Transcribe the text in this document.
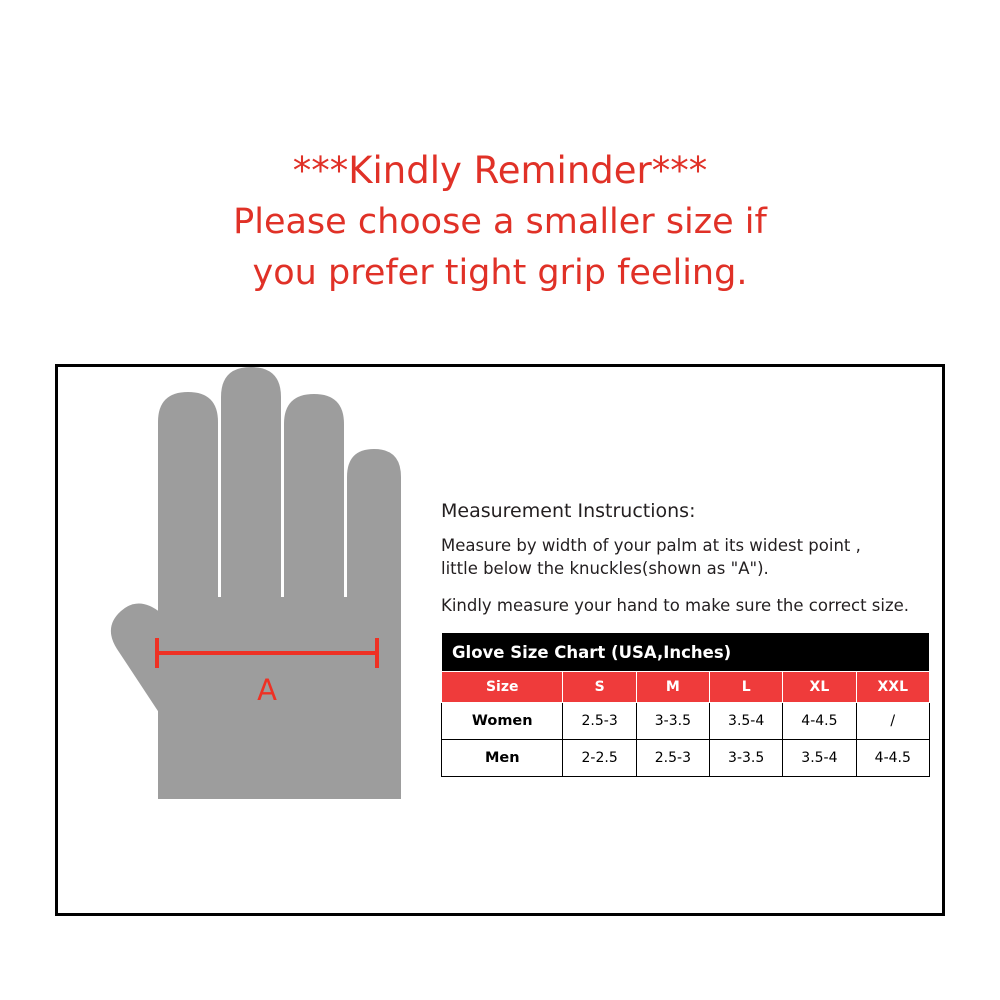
***Kindly Reminder***
Please choose a smaller size if
you prefer tight grip feeling.
A
Measurement Instructions:
Measure by width of your palm at its widest point ,
little below the knuckles(shown as "A").
Kindly measure your hand to make sure the correct size.
Glove Size Chart (USA,Inches)					
Size	S	M	L	XL	XXL
Women	2.5-3	3-3.5	3.5-4	4-4.5	/
Men	2-2.5	2.5-3	3-3.5	3.5-4	4-4.5
